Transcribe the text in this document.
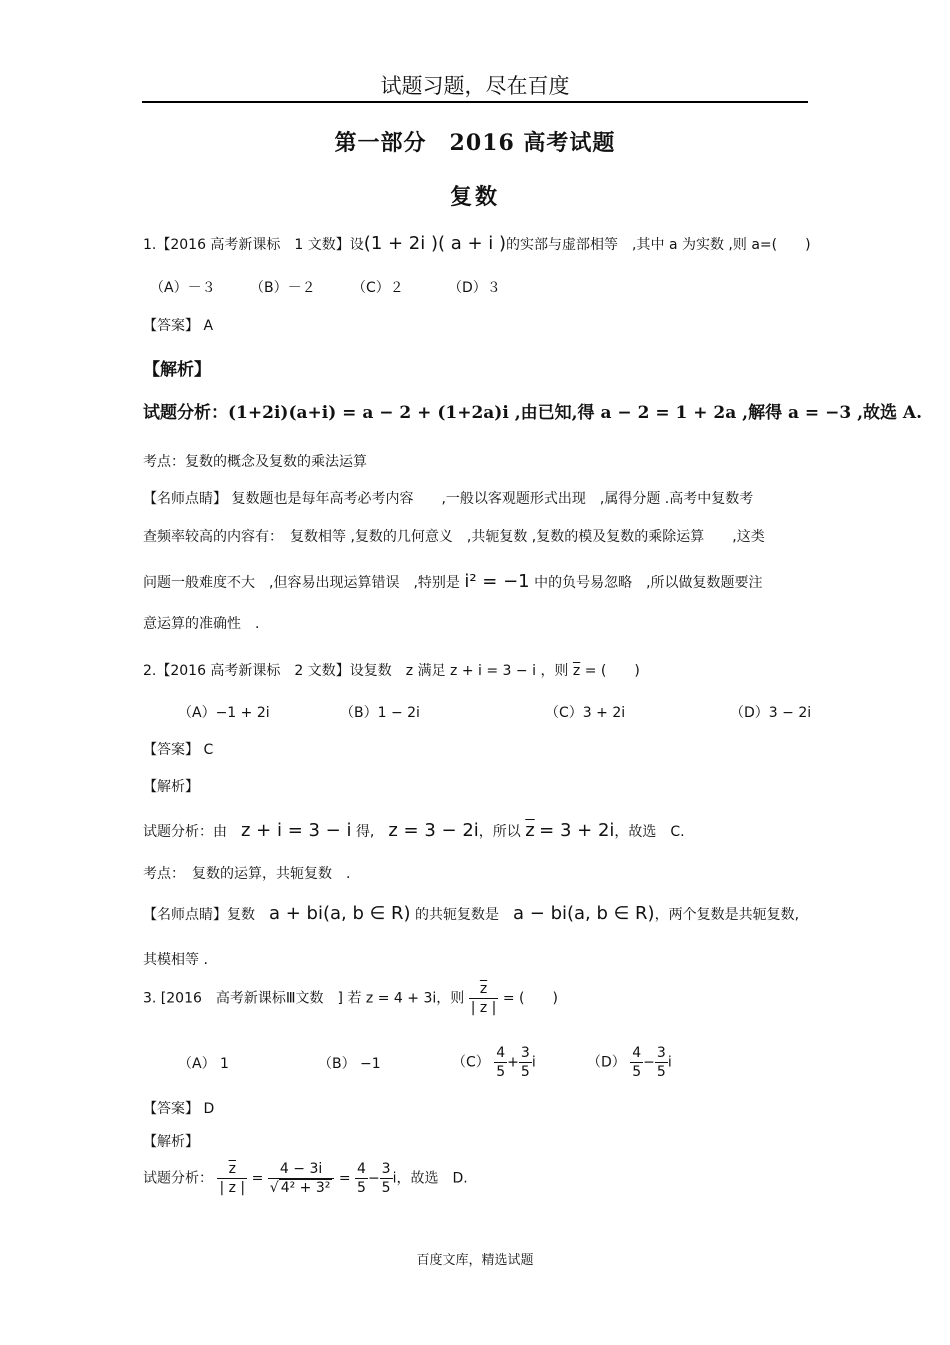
试题习题，尽在百度
第一部分　2016 高考试题
复数
1.【2016 高考新课标　1 文数】设(1 + 2i )( a + i )的实部与虚部相等　,其中 a 为实数 ,则 a=(　　)
（A）－３ （B）－２	（C）２	（D）３
【答案】 A
【解析】
试题分析：(1+2i)(a+i) = a − 2 + (1+2a)i ,由已知,得 a − 2 = 1 + 2a ,解得 a = −3 ,故选 A.
考点：复数的概念及复数的乘法运算
【名师点睛】 复数题也是每年高考必考内容　　,一般以客观题形式出现　,属得分题 .高考中复数考
查频率较高的内容有：　复数相等 ,复数的几何意义　,共轭复数 ,复数的模及复数的乘除运算　　,这类
问题一般难度不大　,但容易出现运算错误　,特别是 i² = −1 中的负号易忽略　,所以做复数题要注
意运算的准确性　.
2.【2016 高考新课标　2 文数】设复数　z 满足 z + i = 3 − i ，则 $\overline{z}$ = (　　)
（A）−1 + 2i	（B）1 − 2i	（C）3 + 2i	（D）3 − 2i
【答案】 C
【解析】
试题分析：由　 z + i = 3 − i 得,　 z = 3 − 2i，所以 $\overline{z} = 3 + 2i$，故选　C.
考点：　复数的运算，共轭复数　.
【名师点睛】复数　 a + bi(a, b ∈ R) 的共轭复数是　 a − bi(a, b ∈ R)，两个复数是共轭复数,
其模相等 .
3. [2016　高考新课标Ⅲ文数　] 若 z = 4 + 3i，则 $\frac{\overline{z}}{| z |}$ = (　　)
（A） 1	（B） −1	$(C) \frac{4}{5} + \frac{3}{5}$ i	$(D) \frac{4}{5} - \frac{3}{5}$ i
【答案】 D
【解析】
试题分析： $\frac{\overline{z}}{| z |} = \frac{4 - 3i}{\text{√ 4² + 3²}} = \frac{4}{5} - \frac{3}{5}$ i，故选　D.
百度文库，精选试题
